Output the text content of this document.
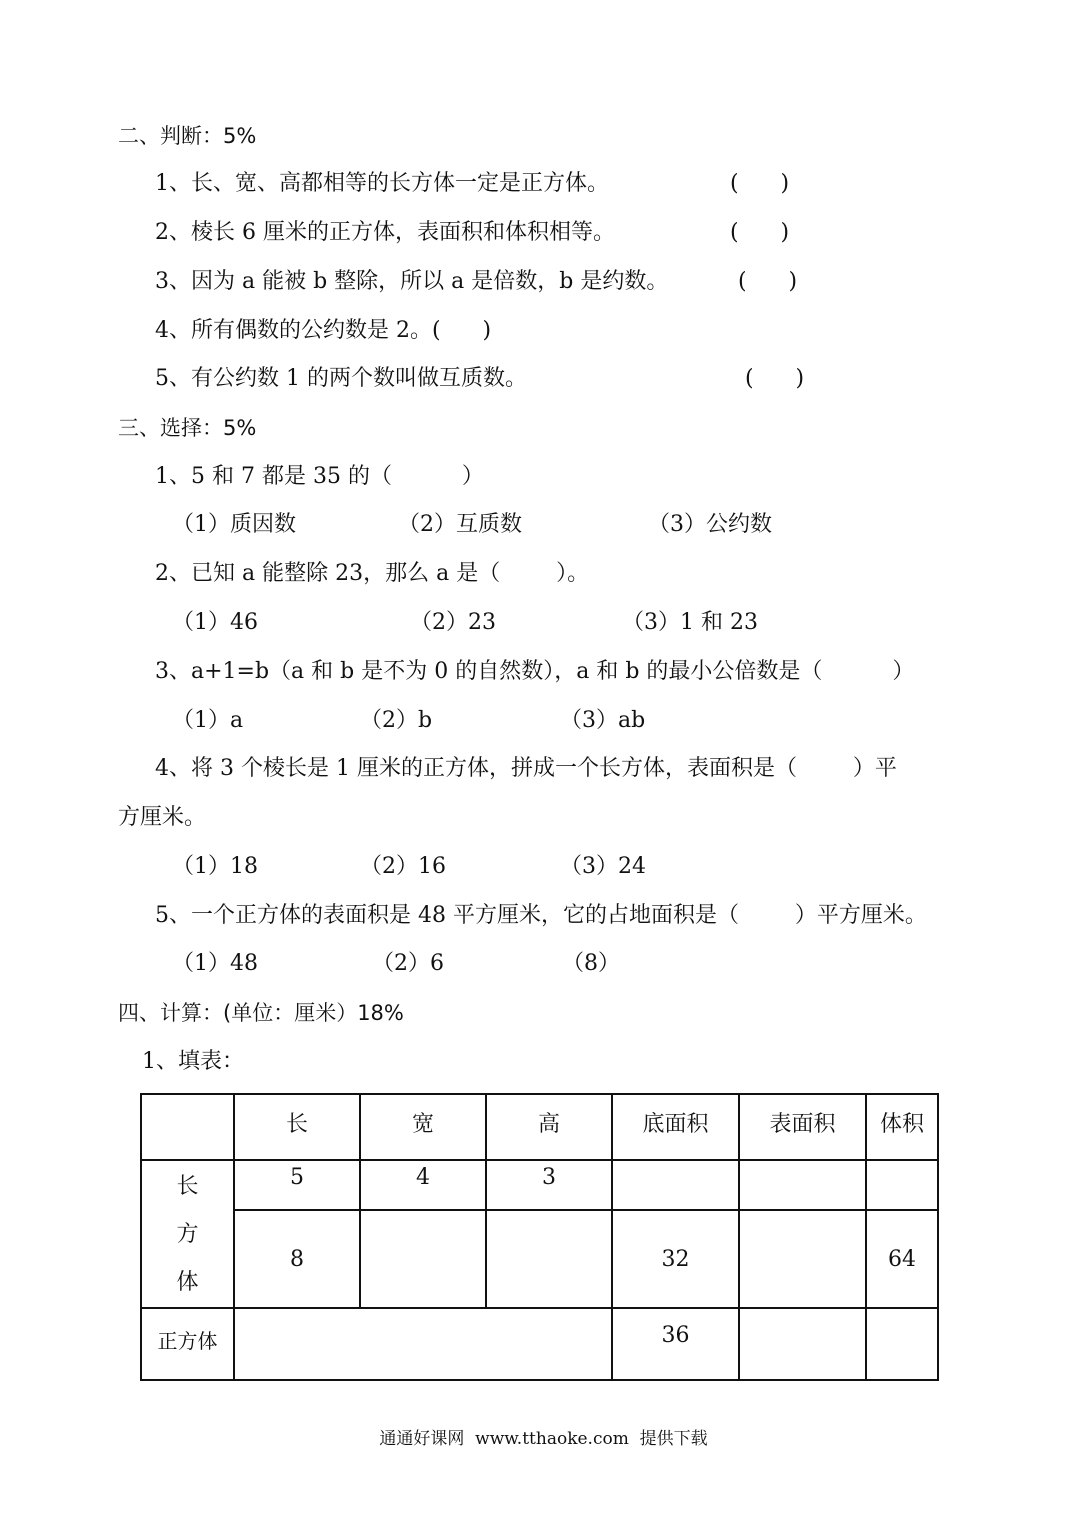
二、判断：5%
1、长、宽、高都相等的长方体一定是正方体。	(      )
2、棱长 6 厘米的正方体，表面积和体积相等。	(      )
3、因为 a 能被 b 整除，所以 a 是倍数，b 是约数。	(      )
4、所有偶数的公约数是 2。(      )
5、有公约数 1 的两个数叫做互质数。	(      )
三、选择：5%
1、5 和 7 都是 35 的（          ）
（1）质因数	（2）互质数	（3）公约数
2、已知 a 能整除 23，那么 a 是（        ）。
（1）46	（2）23	（3）1 和 23
3、a+1=b（a 和 b 是不为 0 的自然数），a 和 b 的最小公倍数是（          ）
（1）a	（2）b	（3）ab
4、将 3 个棱长是 1 厘米的正方体，拼成一个长方体，表面积是（        ）平
方厘米。
（1）18	（2）16	（3）24
5、一个正方体的表面积是 48 平方厘米，它的占地面积是（        ）平方厘米。
（1）48	（2）6	（8）
四、计算：(单位：厘米）18%
1、填表：
	长	宽	高	底面积	表面积	体积

长
方
体	5	4	3			
	8			32		64
正方体				36		
通通好课网  www.tthaoke.com  提供下载
